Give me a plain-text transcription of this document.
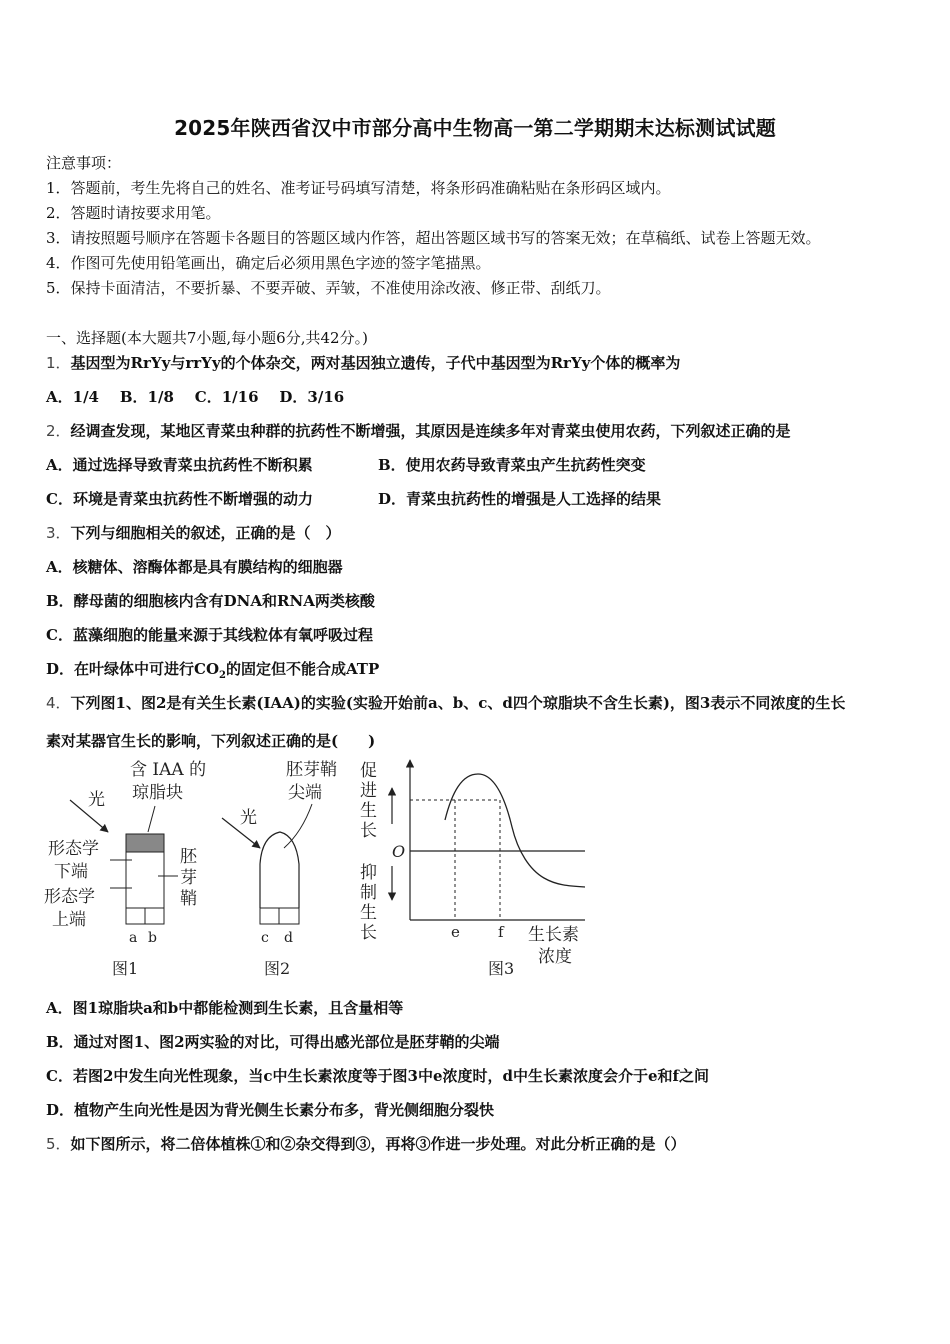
2025年陕西省汉中市部分高中生物高一第二学期期末达标测试试题
注意事项：
1．答题前，考生先将自己的姓名、准考证号码填写清楚，将条形码准确粘贴在条形码区域内。
2．答题时请按要求用笔。
3．请按照题号顺序在答题卡各题目的答题区域内作答，超出答题区域书写的答案无效；在草稿纸、试卷上答题无效。
4．作图可先使用铅笔画出，确定后必须用黑色字迹的签字笔描黑。
5．保持卡面清洁，不要折暴、不要弄破、弄皱，不准使用涂改液、修正带、刮纸刀。
一、选择题(本大题共7小题,每小题6分,共42分。)
1．基因型为RrYy与rrYy的个体杂交，两对基因独立遗传，子代中基因型为RrYy个体的概率为
A．1/4    B．1/8    C．1/16    D．3/16
2．经调查发现，某地区青菜虫种群的抗药性不断增强，其原因是连续多年对青菜虫使用农药，下列叙述正确的是
A．通过选择导致青菜虫抗药性不断积累	B．使用农药导致青菜虫产生抗药性突变
C．环境是青菜虫抗药性不断增强的动力	D．青菜虫抗药性的增强是人工选择的结果
3．下列与细胞相关的叙述，正确的是（　）
A．核糖体、溶酶体都是具有膜结构的细胞器
B．酵母菌的细胞核内含有DNA和RNA两类核酸
C．蓝藻细胞的能量来源于其线粒体有氧呼吸过程
D．在叶绿体中可进行$CO_2$的固定但不能合成ATP
4．下列图1、图2是有关生长素(IAA)的实验(实验开始前a、b、c、d四个琼脂块不含生长素)，图3表示不同浓度的生长
素对某器官生长的影响，下列叙述正确的是(　　)
含 IAA 的
琼脂块
光
形态学
下端
形态学
上端
胚
芽
鞘
a b
图1
胚芽鞘
尖端
光
c d
图2
促
进
生
长
O
抑
制
生
长	e	f 生长素
浓度
图3
A．图1琼脂块a和b中都能检测到生长素，且含量相等
B．通过对图1、图2两实验的对比，可得出感光部位是胚芽鞘的尖端
C．若图2中发生向光性现象，当c中生长素浓度等于图3中e浓度时，d中生长素浓度会介于e和f之间
D．植物产生向光性是因为背光侧生长素分布多，背光侧细胞分裂快
5．如下图所示，将二倍体植株①和②杂交得到③，再将③作进一步处理。对此分析正确的是（）
